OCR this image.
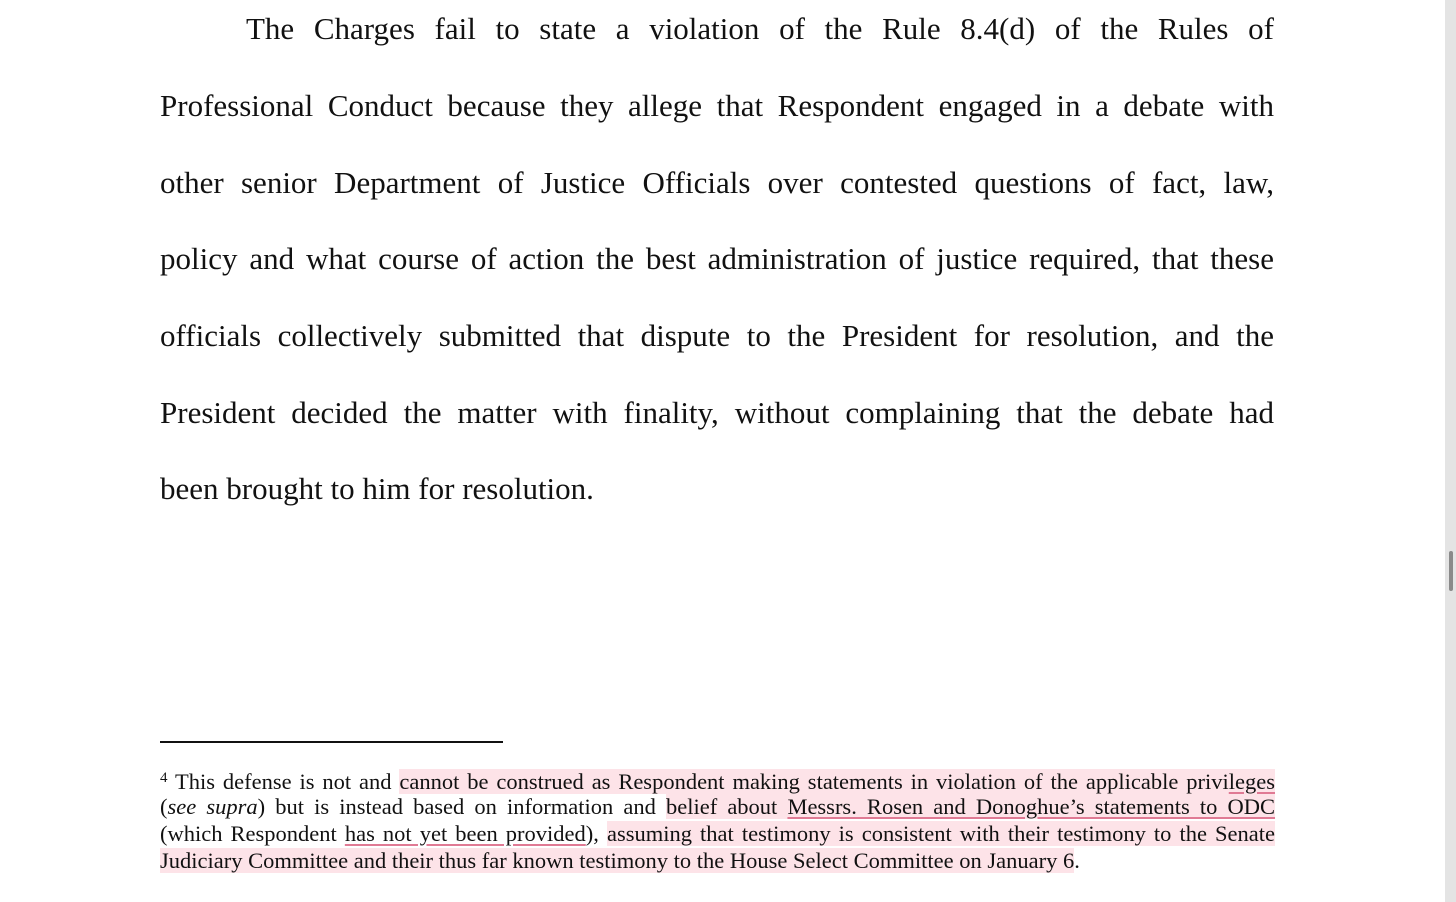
The Charges fail to state a violation of the Rule 8.4(d) of the Rules of
Professional Conduct because they allege that Respondent engaged in a debate with
other senior Department of Justice Officials over contested questions of fact, law,
policy and what course of action the best administration of justice required, that these
officials collectively submitted that dispute to the President for resolution, and the
President decided the matter with finality, without complaining that the debate had
been brought to him for resolution.
$^4$ This defense is not and cannot be construed as Respondent making statements in violation of the applicable privileges
(see supra) but is instead based on information and belief about Messrs. Rosen and Donoghue’s statements to ODC
(which Respondent has not yet been provided), assuming that testimony is consistent with their testimony to the Senate
Judiciary Committee and their thus far known testimony to the House Select Committee on January 6.
